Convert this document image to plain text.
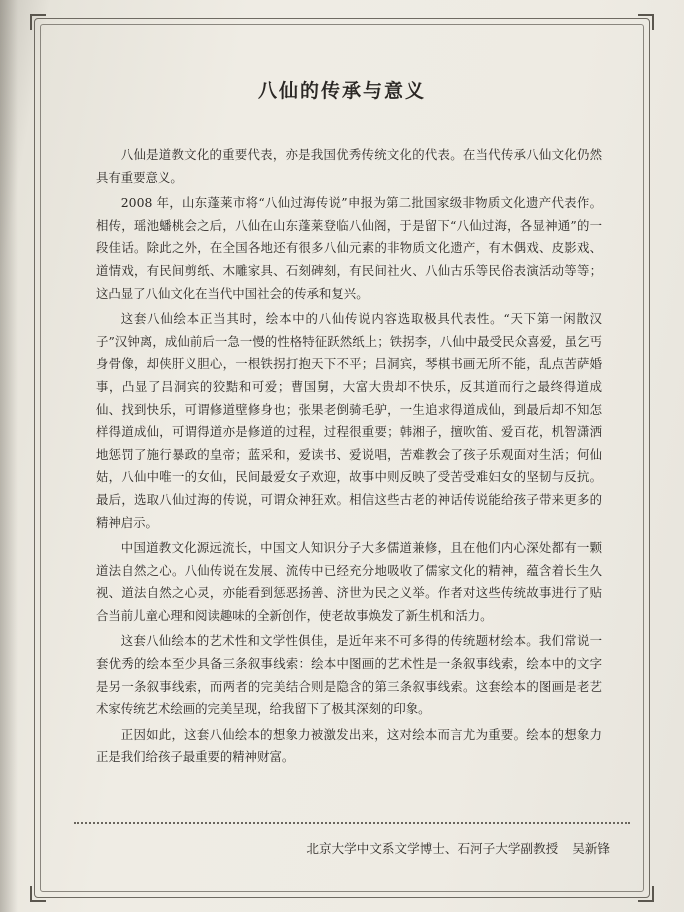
八仙的传承与意义

八仙是道教文化的重要代表，亦是我国优秀传统文化的代表。在当代传承八仙文化仍然具有重要意义。

2008 年，山东蓬莱市将“八仙过海传说”申报为第二批国家级非物质文化遗产代表作。相传，瑶池蟠桃会之后，八仙在山东蓬莱登临八仙阁，于是留下“八仙过海，各显神通”的一段佳话。除此之外，在全国各地还有很多八仙元素的非物质文化遗产，有木偶戏、皮影戏、道情戏，有民间剪纸、木雕家具、石刻碑刻，有民间社火、八仙古乐等民俗表演活动等等；这凸显了八仙文化在当代中国社会的传承和复兴。

这套八仙绘本正当其时，绘本中的八仙传说内容选取极具代表性。“天下第一闲散汉子”汉钟离，成仙前后一急一慢的性格特征跃然纸上；铁拐李，八仙中最受民众喜爱，虽乞丐身骨像，却侠肝义胆心，一根铁拐打抱天下不平；吕洞宾，琴棋书画无所不能，乱点苦萨婚事，凸显了吕洞宾的狡黠和可爱；曹国舅，大富大贵却不快乐，反其道而行之最终得道成仙、找到快乐，可谓修道壁修身也；张果老倒骑毛驴，一生追求得道成仙，到最后却不知怎样得道成仙，可谓得道亦是修道的过程，过程很重要；韩湘子，擅吹笛、爱百花，机智潇洒地惩罚了施行暴政的皇帝；蓝采和，爱读书、爱说唱，苦难教会了孩子乐观面对生活；何仙姑，八仙中唯一的女仙，民间最爱女子欢迎，故事中则反映了受苦受难妇女的坚韧与反抗。最后，选取八仙过海的传说，可谓众神狂欢。相信这些古老的神话传说能给孩子带来更多的精神启示。

中国道教文化源远流长，中国文人知识分子大多儒道兼修，且在他们内心深处都有一颗道法自然之心。八仙传说在发展、流传中已经充分地吸收了儒家文化的精神，蕴含着长生久视、道法自然之心灵，亦能看到惩恶扬善、济世为民之义举。作者对这些传统故事进行了贴合当前儿童心理和阅读趣味的全新创作，使老故事焕发了新生机和活力。

这套八仙绘本的艺术性和文学性俱佳，是近年来不可多得的传统题材绘本。我们常说一套优秀的绘本至少具备三条叙事线索：绘本中图画的艺术性是一条叙事线索，绘本中的文字是另一条叙事线索，而两者的完美结合则是隐含的第三条叙事线索。这套绘本的图画是老艺术家传统艺术绘画的完美呈现，给我留下了极其深刻的印象。

正因如此，这套八仙绘本的想象力被激发出来，这对绘本而言尤为重要。绘本的想象力正是我们给孩子最重要的精神财富。

北京大学中文系文学博士、石河子大学副教授 吴新锋
